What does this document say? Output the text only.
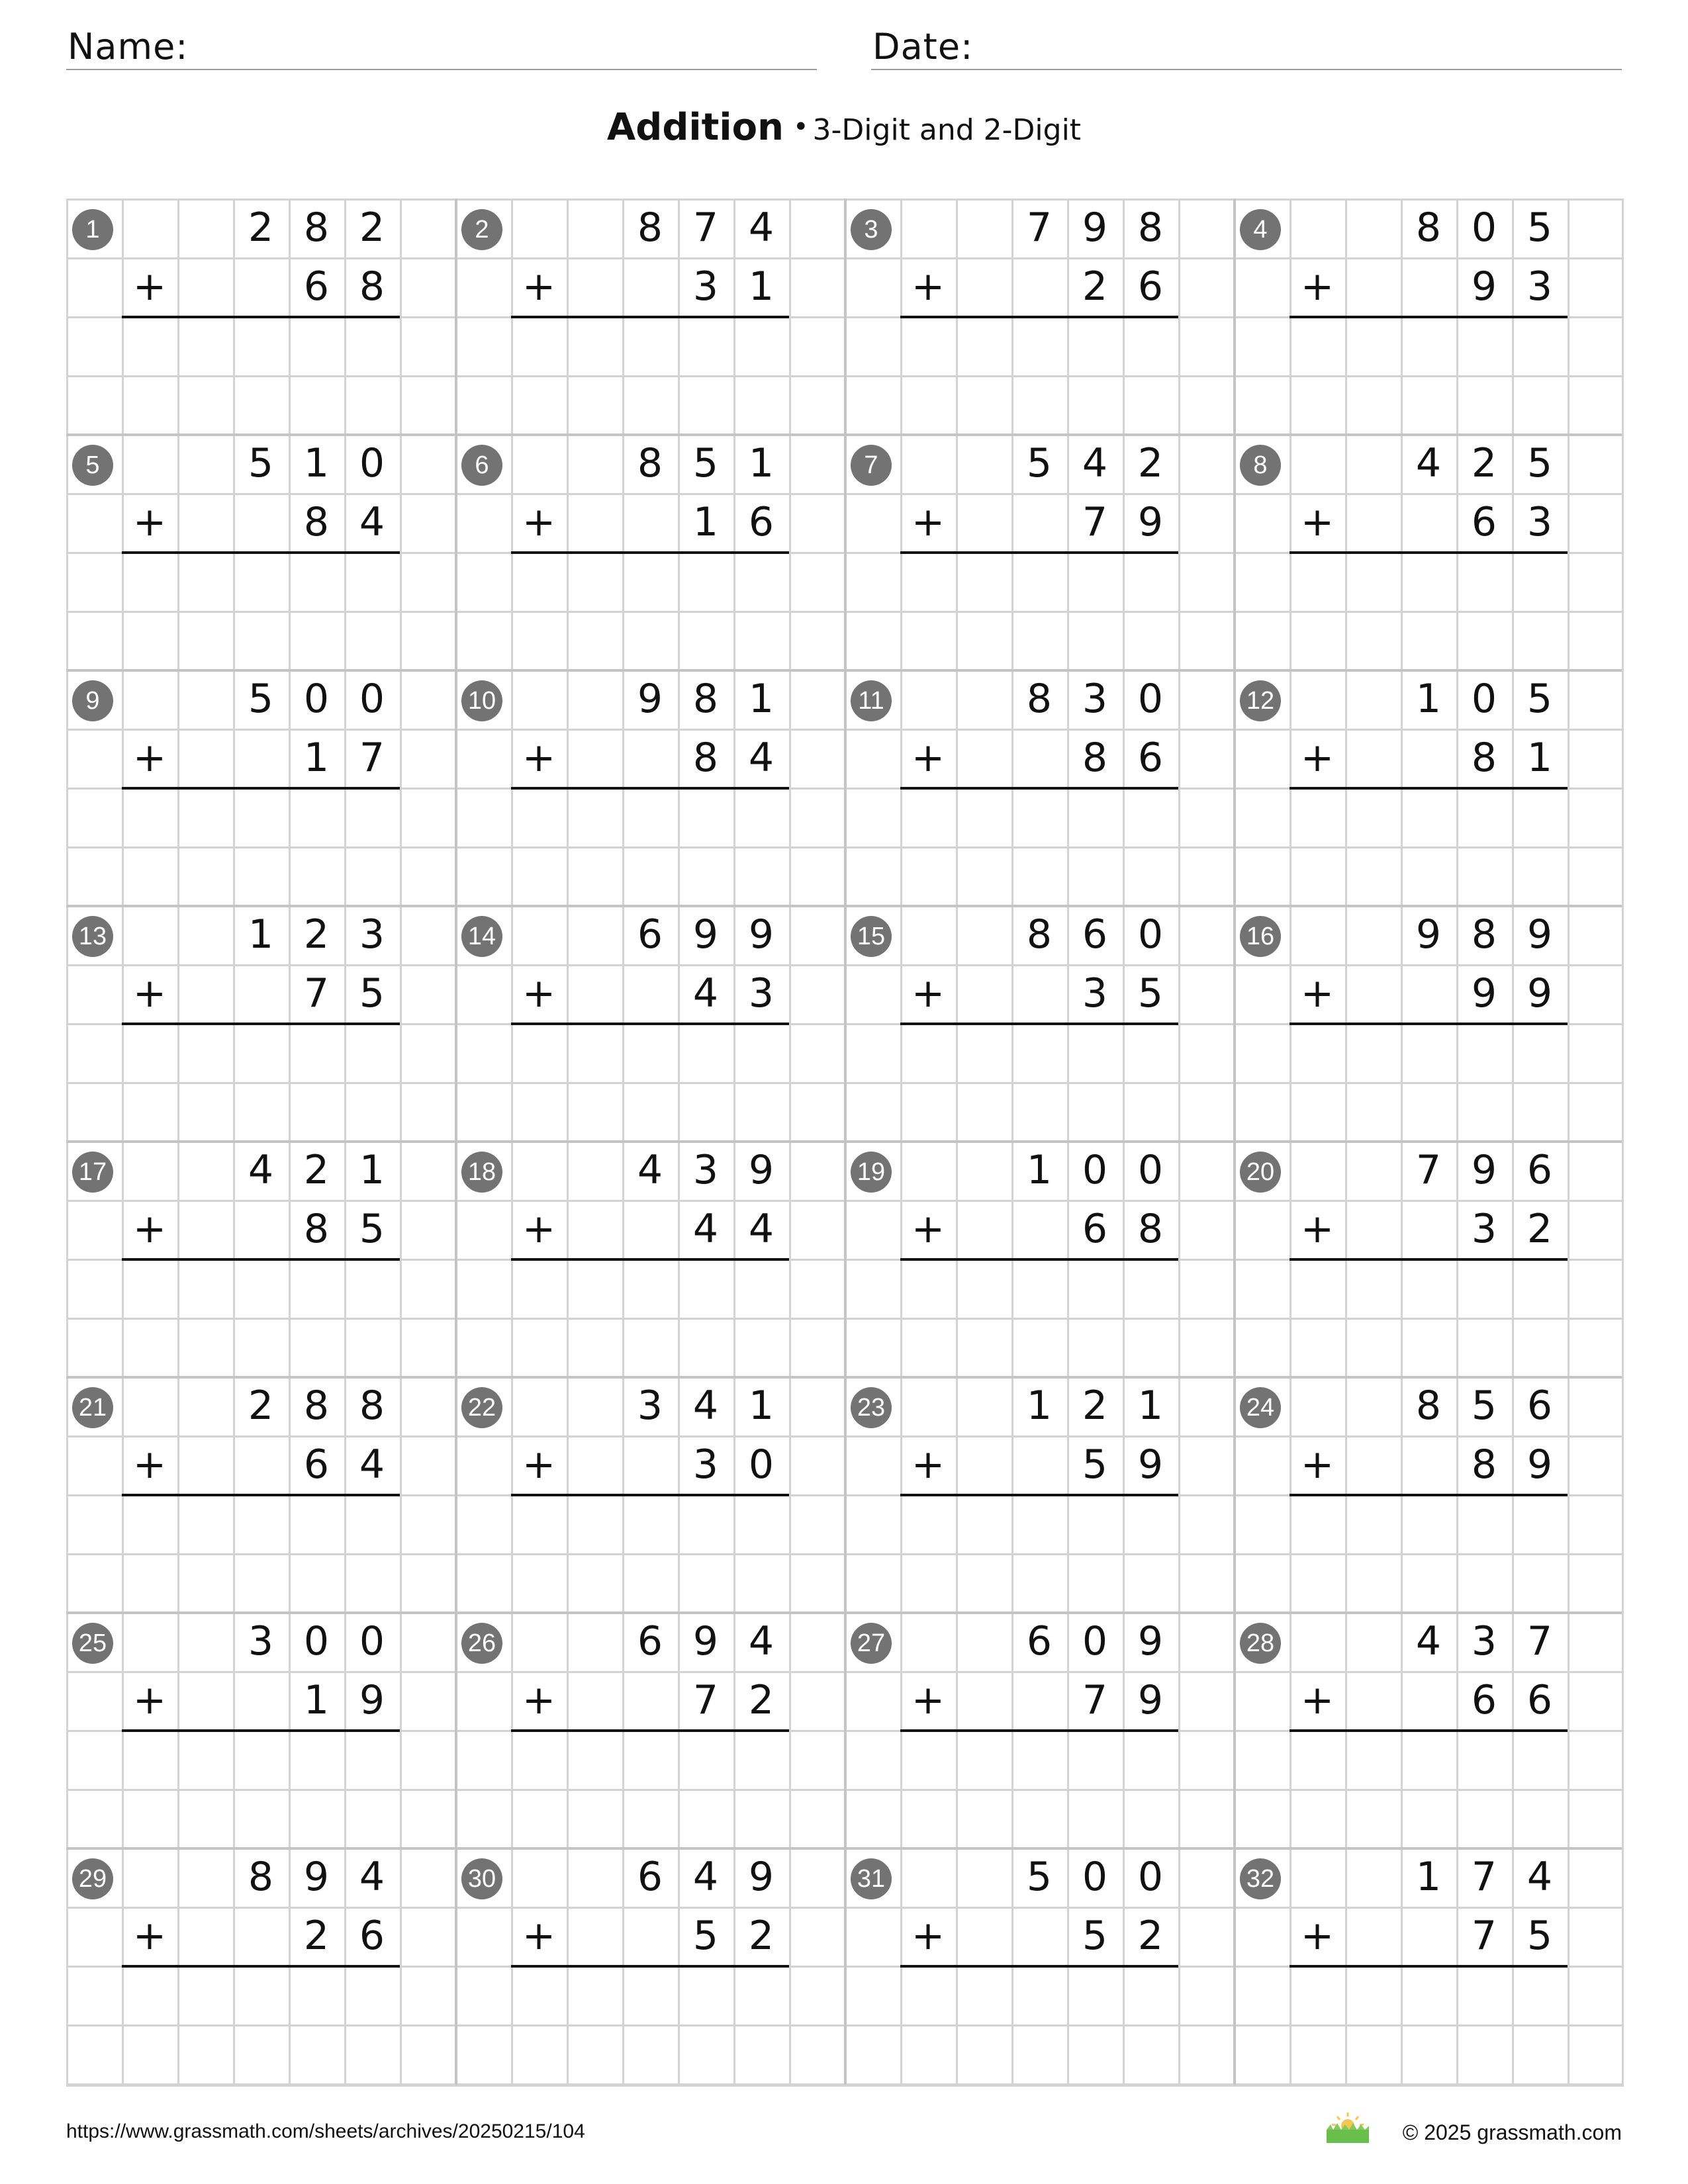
Name:	Date:
Addition • 3-Digit and 2-Digit
1	2 8 2
+	6 8
2	8 7 4
+	3 1
3	7 9 8
+	2 6
4	8 0 5
+	9 3
5	5 1 0
+	8 4
6	8 5 1
+	1 6
7	5 4 2
+	7 9
8	4 2 5
+	6 3
9	5 0 0
+	1 7
10	9 8 1
+	8 4
11	8 3 0
+	8 6
12	1 0 5
+	8 1
13	1 2 3
+	7 5
14	6 9 9
+	4 3
15	8 6 0
+	3 5
16	9 8 9
+	9 9
17	4 2 1
+	8 5
18	4 3 9
+	4 4
19	1 0 0
+	6 8
20	7 9 6
+	3 2
21	2 8 8
+	6 4
22	3 4 1
+	3 0
23	1 2 1
+	5 9
24	8 5 6
+	8 9
25	3 0 0
+	1 9
26	6 9 4
+	7 2
27	6 0 9
+	7 9
28	4 3 7
+	6 6
29	8 9 4
+	2 6
30	6 4 9
+	5 2
31	5 0 0
+	5 2
32	1 7 4
+	7 5
https://www.grassmath.com/sheets/archives/20250215/104	© 2025 grassmath.com
